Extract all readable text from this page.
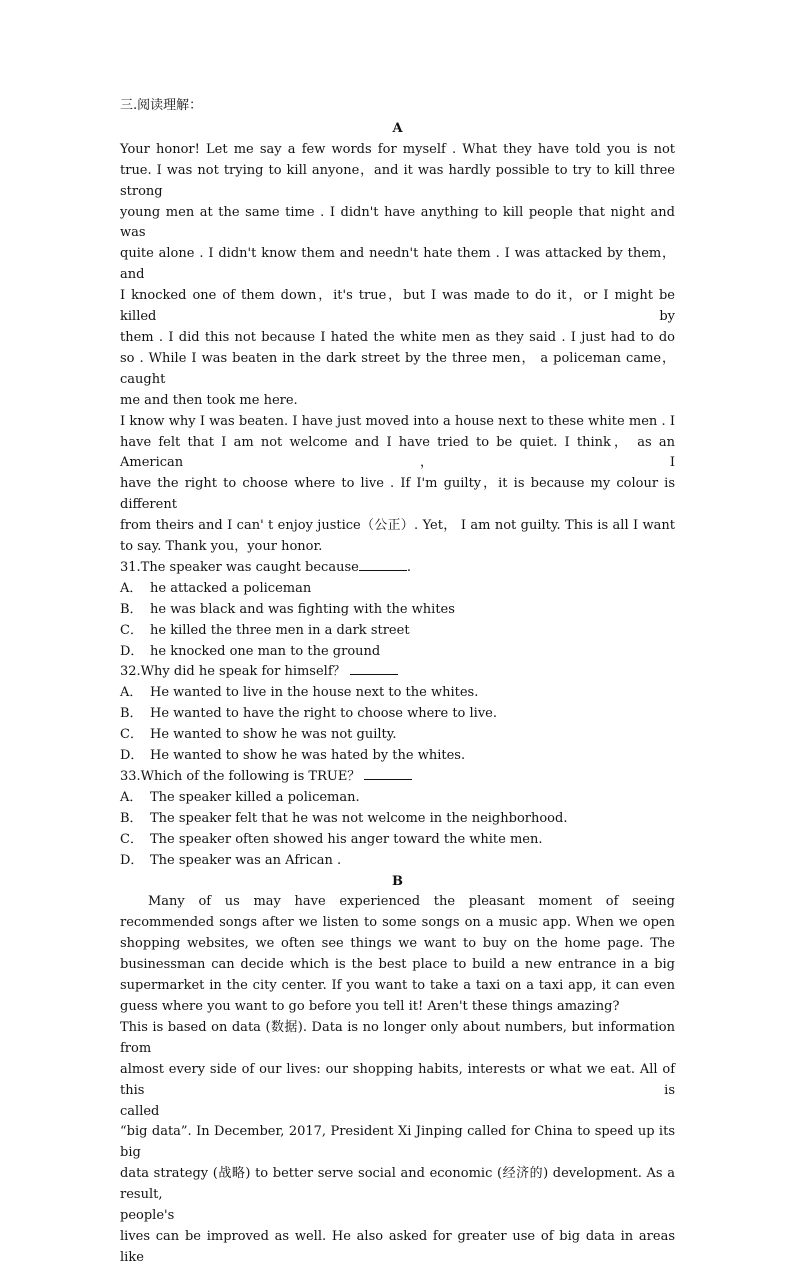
三.阅读理解：

A

Your honor! Let me say a few words for myself . What they have told you is not

true. I was not trying to kill anyone，and it was hardly possible to try to kill three strong

young men at the same time . I didn't have anything to kill people that night and was

quite alone . I didn't know them and needn't hate them . I was attacked by them，and

I knocked one of them down，it's true，but I was made to do it，or I might be killed by

them . I did this not because I hated the white men as they said . I just had to do

so . While I was beaten in the dark street by the three men， a policeman came， caught

me and then took me here.

I know why I was beaten. I have just moved into a house next to these white men . I

have felt that I am not welcome and I have tried to be quiet. I think， as an American，I

have the right to choose where to live . If I'm guilty，it is because my colour is different

from theirs and I can' t enjoy justice（公正）. Yet， I am not guilty. This is all I want

to say. Thank you，your honor.

31.The speaker was caught because	.

A． he attacked a policeman

B． he was black and was fighting with the whites

C． he killed the three men in a dark street

D． he knocked one man to the ground

32.Why did he speak for himself？

A． He wanted to live in the house next to the whites.

B． He wanted to have the right to choose where to live.

C． He wanted to show he was not guilty.

D． He wanted to show he was hated by the whites.

33.Which of the following is TRUE？

A． The speaker killed a policeman.

B． The speaker felt that he was not welcome in the neighborhood.

C． The speaker often showed his anger toward the white men.

D． The speaker was an African .

B

Many of us may have experienced the pleasant moment of seeing recommended songs after we listen to some songs on a music app. When we open shopping websites, we often see things we want to buy on the home page. The businessman can decide which is the best place to build a new entrance in a big supermarket in the city center. If you want to take a taxi on a taxi app, it can even guess where you want to go before you tell it! Aren't these things amazing?

This is based on data (数据). Data is no longer only about numbers, but information from

almost every side of our lives: our shopping habits, interests or what we eat. All of this is

called

“big data”. In December, 2017, President Xi Jinping called for China to speed up its big

data strategy (战略) to better serve social and economic (经济的) development. As a result,

people's

lives can be improved as well. He also asked for greater use of big data in areas like
